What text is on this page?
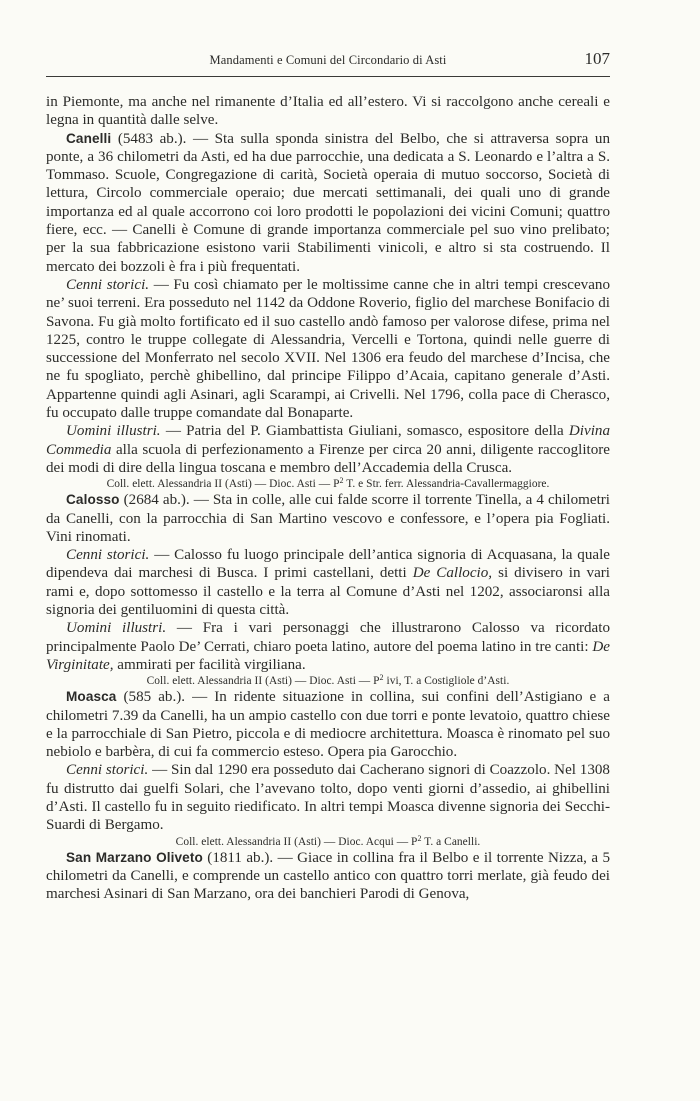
Mandamenti e Comuni del Circondario di Asti	107

in Piemonte, ma anche nel rimanente d’Italia ed all’estero. Vi si raccolgono anche cereali e legna in quantità dalle selve.

Canelli (5483 ab.). — Sta sulla sponda sinistra del Belbo, che si attraversa sopra un ponte, a 36 chilometri da Asti, ed ha due parrocchie, una dedicata a S. Leonardo e l’altra a S. Tommaso. Scuole, Congregazione di carità, Società operaia di mutuo soccorso, Società di lettura, Circolo commerciale operaio; due mercati settimanali, dei quali uno di grande importanza ed al quale accorrono coi loro prodotti le popolazioni dei vicini Comuni; quattro fiere, ecc. — Canelli è Comune di grande importanza commerciale pel suo vino prelibato; per la sua fabbricazione esistono varii Stabilimenti vinicoli, e altro si sta costruendo. Il mercato dei bozzoli è fra i più frequentati.

Cenni storici. — Fu così chiamato per le moltissime canne che in altri tempi crescevano ne’ suoi terreni. Era posseduto nel 1142 da Oddone Roverio, figlio del marchese Bonifacio di Savona. Fu già molto fortificato ed il suo castello andò famoso per valorose difese, prima nel 1225, contro le truppe collegate di Alessandria, Vercelli e Tortona, quindi nelle guerre di successione del Monferrato nel secolo XVII. Nel 1306 era feudo del marchese d’Incisa, che ne fu spogliato, perchè ghibellino, dal principe Filippo d’Acaia, capitano generale d’Asti. Appartenne quindi agli Asinari, agli Scarampi, ai Crivelli. Nel 1796, colla pace di Cherasco, fu occupato dalle truppe comandate dal Bonaparte.

Uomini illustri. — Patria del P. Giambattista Giuliani, somasco, espositore della Divina Commedia alla scuola di perfezionamento a Firenze per circa 20 anni, diligente raccoglitore dei modi di dire della lingua toscana e membro dell’Accademia della Crusca.

Coll. elett. Alessandria II (Asti) — Dioc. Asti — $P^2$ T. e Str. ferr. Alessandria-Cavallermaggiore.

Calosso (2684 ab.). — Sta in colle, alle cui falde scorre il torrente Tinella, a 4 chilometri da Canelli, con la parrocchia di San Martino vescovo e confessore, e l’opera pia Fogliati. Vini rinomati.

Cenni storici. — Calosso fu luogo principale dell’antica signoria di Acquasana, la quale dipendeva dai marchesi di Busca. I primi castellani, detti De Callocio, si divisero in vari rami e, dopo sottomesso il castello e la terra al Comune d’Asti nel 1202, associaronsi alla signoria dei gentiluomini di questa città.

Uomini illustri. — Fra i vari personaggi che illustrarono Calosso va ricordato principalmente Paolo De’ Cerrati, chiaro poeta latino, autore del poema latino in tre canti: De Virginitate, ammirati per facilità virgiliana.

Coll. elett. Alessandria II (Asti) — Dioc. Asti — $P^2$ ivi, T. a Costigliole d’Asti.

Moasca (585 ab.). — In ridente situazione in collina, sui confini dell’Astigiano e a chilometri 7.39 da Canelli, ha un ampio castello con due torri e ponte levatoio, quattro chiese e la parrocchiale di San Pietro, piccola e di mediocre architettura. Moasca è rinomato pel suo nebiolo e barbèra, di cui fa commercio esteso. Opera pia Garocchio.

Cenni storici. — Sin dal 1290 era posseduto dai Cacherano signori di Coazzolo. Nel 1308 fu distrutto dai guelfi Solari, che l’avevano tolto, dopo venti giorni d’assedio, ai ghibellini d’Asti. Il castello fu in seguito riedificato. In altri tempi Moasca divenne signoria dei Secchi-Suardi di Bergamo.

Coll. elett. Alessandria II (Asti) — Dioc. Acqui — $P^2$ T. a Canelli.

San Marzano Oliveto (1811 ab.). — Giace in collina fra il Belbo e il torrente Nizza, a 5 chilometri da Canelli, e comprende un castello antico con quattro torri merlate, già feudo dei marchesi Asinari di San Marzano, ora dei banchieri Parodi di Genova,
